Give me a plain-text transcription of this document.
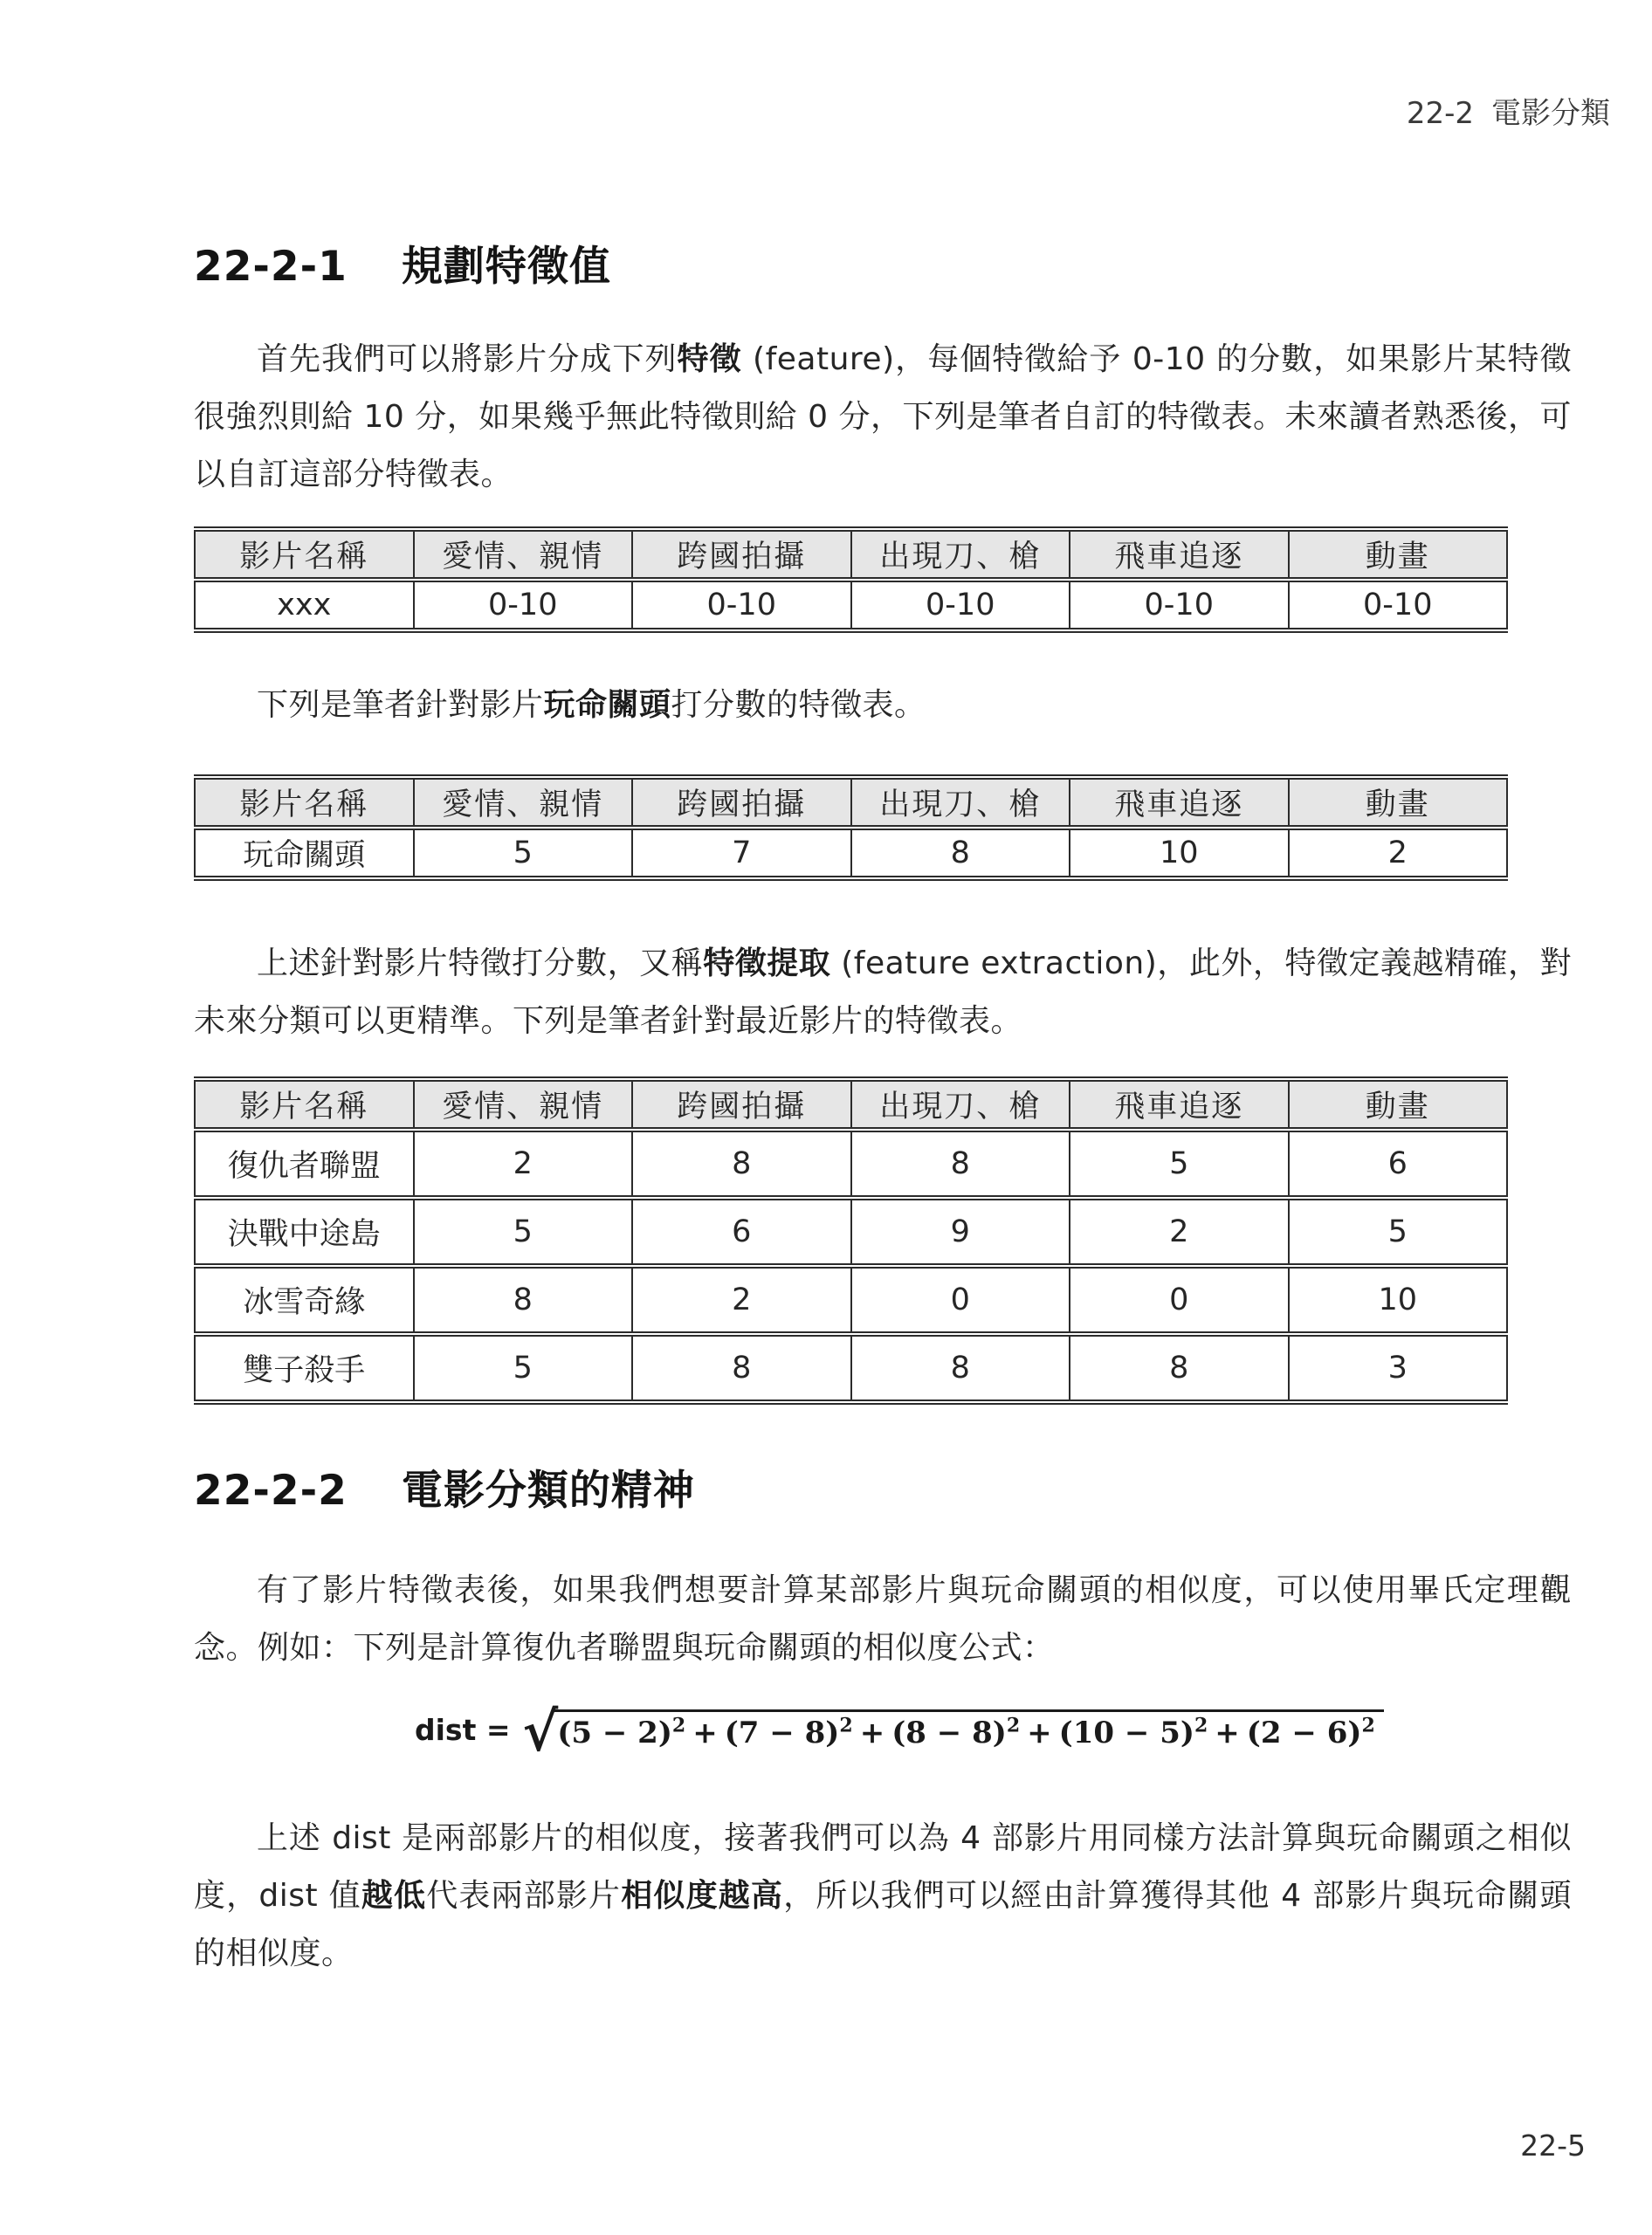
22-2 電影分類
22-2-1 規劃特徵值

首先我們可以將影片分成下列特徵 (feature)，每個特徵給予 0-10 的分數，如果影片某特徵很強烈則給 10 分，如果幾乎無此特徵則給 0 分，下列是筆者自訂的特徵表。未來讀者熟悉後，可以自訂這部分特徵表。

影片名稱	愛情、親情	跨國拍攝	出現刀、槍	飛車追逐	動畫
xxx	0-10	0-10	0-10	0-10	0-10

下列是筆者針對影片玩命關頭打分數的特徵表。

影片名稱	愛情、親情	跨國拍攝	出現刀、槍	飛車追逐	動畫
玩命關頭	5	7	8	10	2

上述針對影片特徵打分數，又稱特徵提取 (feature extraction)，此外，特徵定義越精確，對未來分類可以更精準。下列是筆者針對最近影片的特徵表。

影片名稱	愛情、親情	跨國拍攝	出現刀、槍	飛車追逐	動畫
復仇者聯盟	2	8	8	5	6
決戰中途島	5	6	9	2	5
冰雪奇緣	8	2	0	0	10
雙子殺手	5	8	8	8	3
22-2-2 電影分類的精神

有了影片特徵表後，如果我們想要計算某部影片與玩命關頭的相似度，可以使用畢氏定理觀念。例如：下列是計算復仇者聯盟與玩命關頭的相似度公式：

dist = √ $(5 - 2)^2 + (7 - 8)^2 + (8 - 8)^2 + (10 - 5)^2 + (2 - 6)^2$

上述 dist 是兩部影片的相似度，接著我們可以為 4 部影片用同樣方法計算與玩命關頭之相似度，dist 值越低代表兩部影片相似度越高，所以我們可以經由計算獲得其他 4 部影片與玩命關頭的相似度。

22-5
